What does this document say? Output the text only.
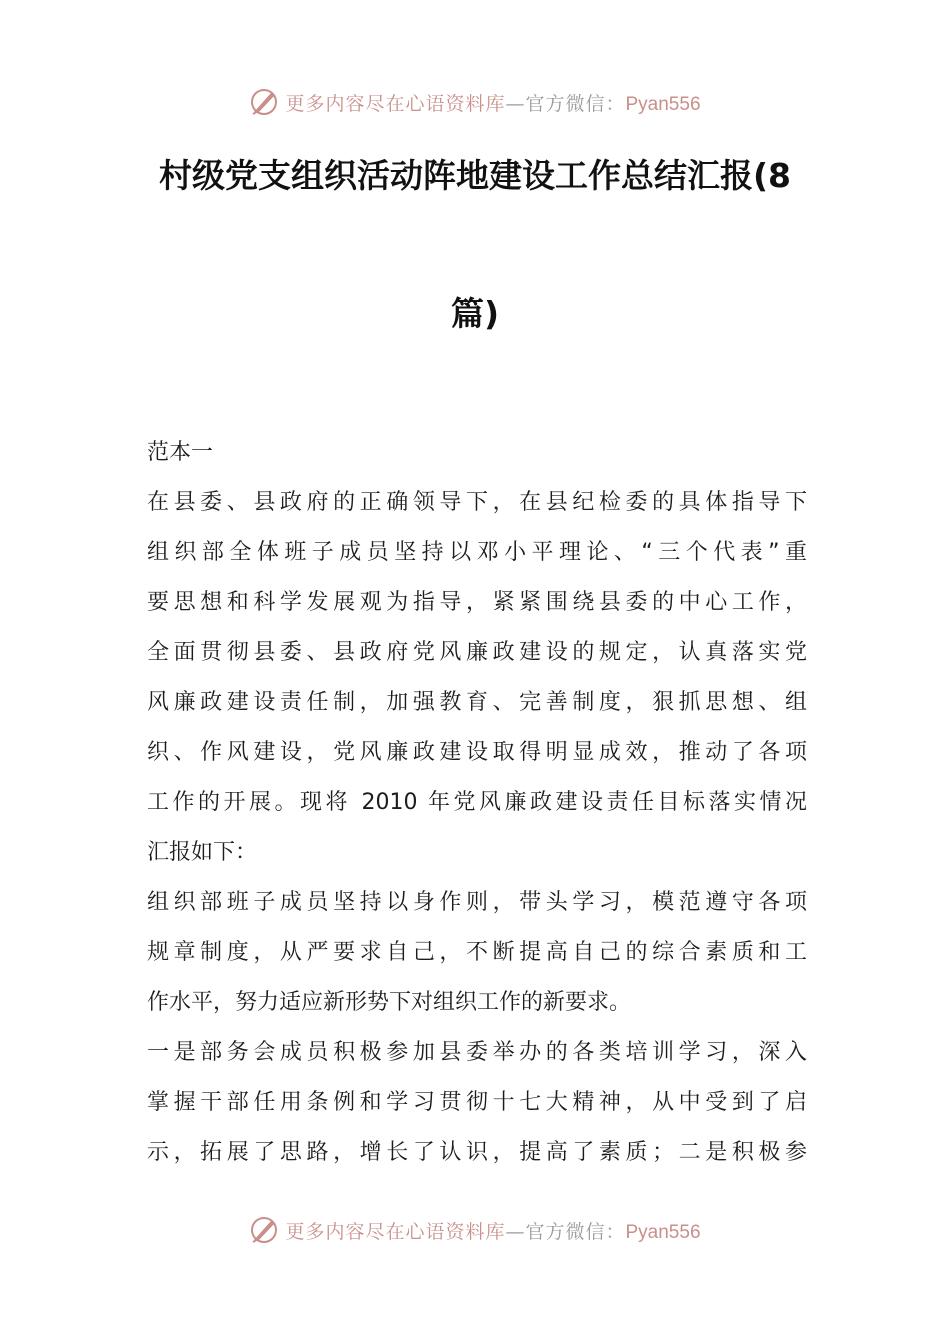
更多内容尽在心语资料库—官方微信：Pyan556
村级党支组织活动阵地建设工作总结汇报(8
篇)
范本一
在县委、县政府的正确领导下，在县纪检委的具体指导下
组织部全体班子成员坚持以邓小平理论、“三个代表”重
要思想和科学发展观为指导，紧紧围绕县委的中心工作，
全面贯彻县委、县政府党风廉政建设的规定，认真落实党
风廉政建设责任制，加强教育、完善制度，狠抓思想、组
织、作风建设，党风廉政建设取得明显成效，推动了各项
工作的开展。现将 2010 年党风廉政建设责任目标落实情况
汇报如下：
组织部班子成员坚持以身作则，带头学习，模范遵守各项
规章制度，从严要求自己，不断提高自己的综合素质和工
作水平，努力适应新形势下对组织工作的新要求。
一是部务会成员积极参加县委举办的各类培训学习，深入
掌握干部任用条例和学习贯彻十七大精神，从中受到了启
示，拓展了思路，增长了认识，提高了素质；二是积极参
更多内容尽在心语资料库—官方微信：Pyan556
